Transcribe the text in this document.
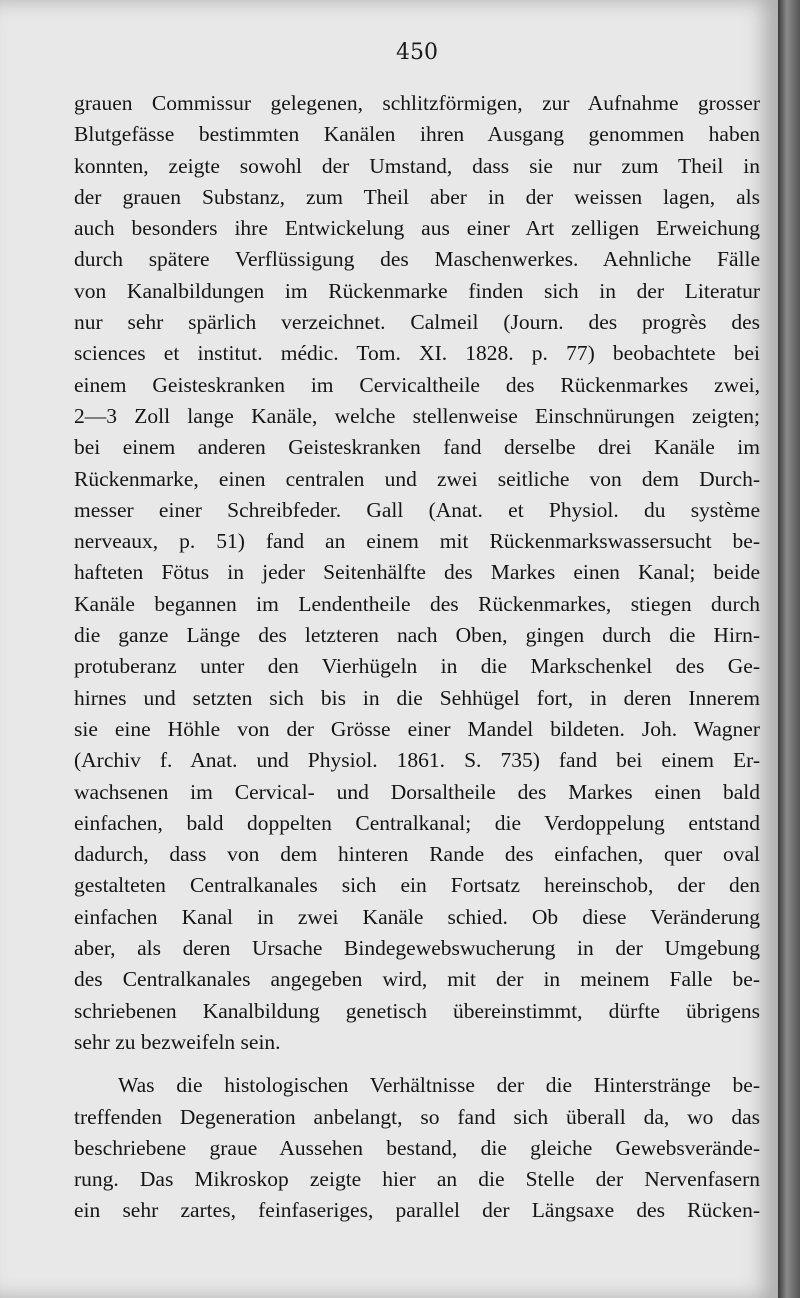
450
grauen Commissur gelegenen, schlitzförmigen, zur Aufnahme grosser
Blutgefässe bestimmten Kanälen ihren Ausgang genommen haben
konnten, zeigte sowohl der Umstand, dass sie nur zum Theil in
der grauen Substanz, zum Theil aber in der weissen lagen, als
auch besonders ihre Entwickelung aus einer Art zelligen Erweichung
durch spätere Verflüssigung des Maschenwerkes. Aehnliche Fälle
von Kanalbildungen im Rückenmarke finden sich in der Literatur
nur sehr spärlich verzeichnet. Calmeil (Journ. des progrès des
sciences et institut. médic. Tom. XI. 1828. p. 77) beobachtete bei
einem Geisteskranken im Cervicaltheile des Rückenmarkes zwei,
2—3 Zoll lange Kanäle, welche stellenweise Einschnürungen zeigten;
bei einem anderen Geisteskranken fand derselbe drei Kanäle im
Rückenmarke, einen centralen und zwei seitliche von dem Durch-
messer einer Schreibfeder. Gall (Anat. et Physiol. du système
nerveaux, p. 51) fand an einem mit Rückenmarkswassersucht be-
hafteten Fötus in jeder Seitenhälfte des Markes einen Kanal; beide
Kanäle begannen im Lendentheile des Rückenmarkes, stiegen durch
die ganze Länge des letzteren nach Oben, gingen durch die Hirn-
protuberanz unter den Vierhügeln in die Markschenkel des Ge-
hirnes und setzten sich bis in die Sehhügel fort, in deren Innerem
sie eine Höhle von der Grösse einer Mandel bildeten. Joh. Wagner
(Archiv f. Anat. und Physiol. 1861. S. 735) fand bei einem Er-
wachsenen im Cervical- und Dorsaltheile des Markes einen bald
einfachen, bald doppelten Centralkanal; die Verdoppelung entstand
dadurch, dass von dem hinteren Rande des einfachen, quer oval
gestalteten Centralkanales sich ein Fortsatz hereinschob, der den
einfachen Kanal in zwei Kanäle schied. Ob diese Veränderung
aber, als deren Ursache Bindegewebswucherung in der Umgebung
des Centralkanales angegeben wird, mit der in meinem Falle be-
schriebenen Kanalbildung genetisch übereinstimmt, dürfte übrigens
sehr zu bezweifeln sein.
Was die histologischen Verhältnisse der die Hinterstränge be-
treffenden Degeneration anbelangt, so fand sich überall da, wo das
beschriebene graue Aussehen bestand, die gleiche Gewebsverände-
rung. Das Mikroskop zeigte hier an die Stelle der Nervenfasern
ein sehr zartes, feinfaseriges, parallel der Längsaxe des Rücken-
